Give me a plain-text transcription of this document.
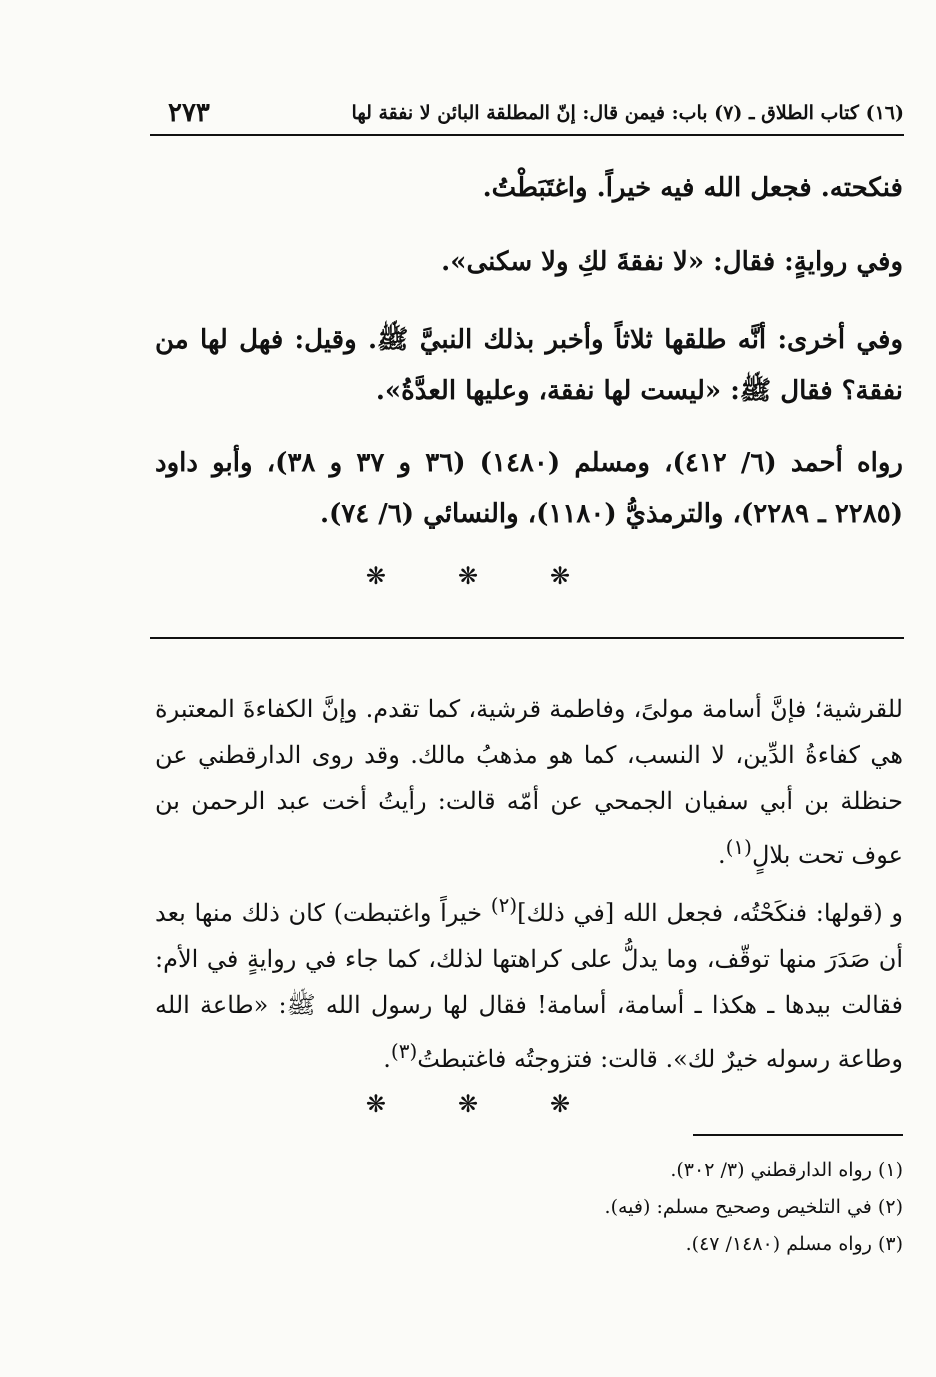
٢٧٣	(١٦) كتاب الطلاق ـ (٧) باب: فيمن قال: إنّ المطلقة البائن لا نفقة لها
فنكحته. فجعل الله فيه خيراً. واغتَبَطْتُ.
وفي روايةٍ: فقال: «لا نفقةَ لكِ ولا سكنى».
وفي أخرى: أنَّه طلقها ثلاثاً وأخبر بذلك النبيَّ ﷺ. وقيل: فهل لها من نفقة؟ فقال ﷺ: «ليست لها نفقة، وعليها العدَّةُ».
رواه أحمد (٦/ ٤١٢)، ومسلم (١٤٨٠) (٣٦ و ٣٧ و ٣٨)، وأبو داود (٢٢٨٥ ـ ٢٢٨٩)، والترمذيُّ (١١٨٠)، والنسائي (٦/ ٧٤).
❋	❋	❋
للقرشية؛ فإنَّ أسامة مولىً، وفاطمة قرشية، كما تقدم. وإنَّ الكفاءةَ المعتبرة هي كفاءةُ الدِّين، لا النسب، كما هو مذهبُ مالك. وقد روى الدارقطني عن حنظلة بن أبي سفيان الجمحي عن أمّه قالت: رأيتُ أخت عبد الرحمن بن عوف تحت بلالٍ$^{(١)}$.
و (قولها: فنكَحْتُه، فجعل الله [في ذلك]$^{(٢)}$ خيراً واغتبطت) كان ذلك منها بعد أن صَدَرَ منها توقّف، وما يدلُّ على كراهتها لذلك، كما جاء في روايةٍ في الأم: فقالت بيدها ـ هكذا ـ أسامة، أسامة! فقال لها رسول الله ﷺ: «طاعة الله وطاعة رسوله خيرٌ لك». قالت: فتزوجتُه فاغتبطتُ$^{(٣)}$.
❋	❋	❋
(١) رواه الدارقطني (٣/ ٣٠٢).
(٢) في التلخيص وصحيح مسلم: (فيه).
(٣) رواه مسلم (١٤٨٠/ ٤٧).
